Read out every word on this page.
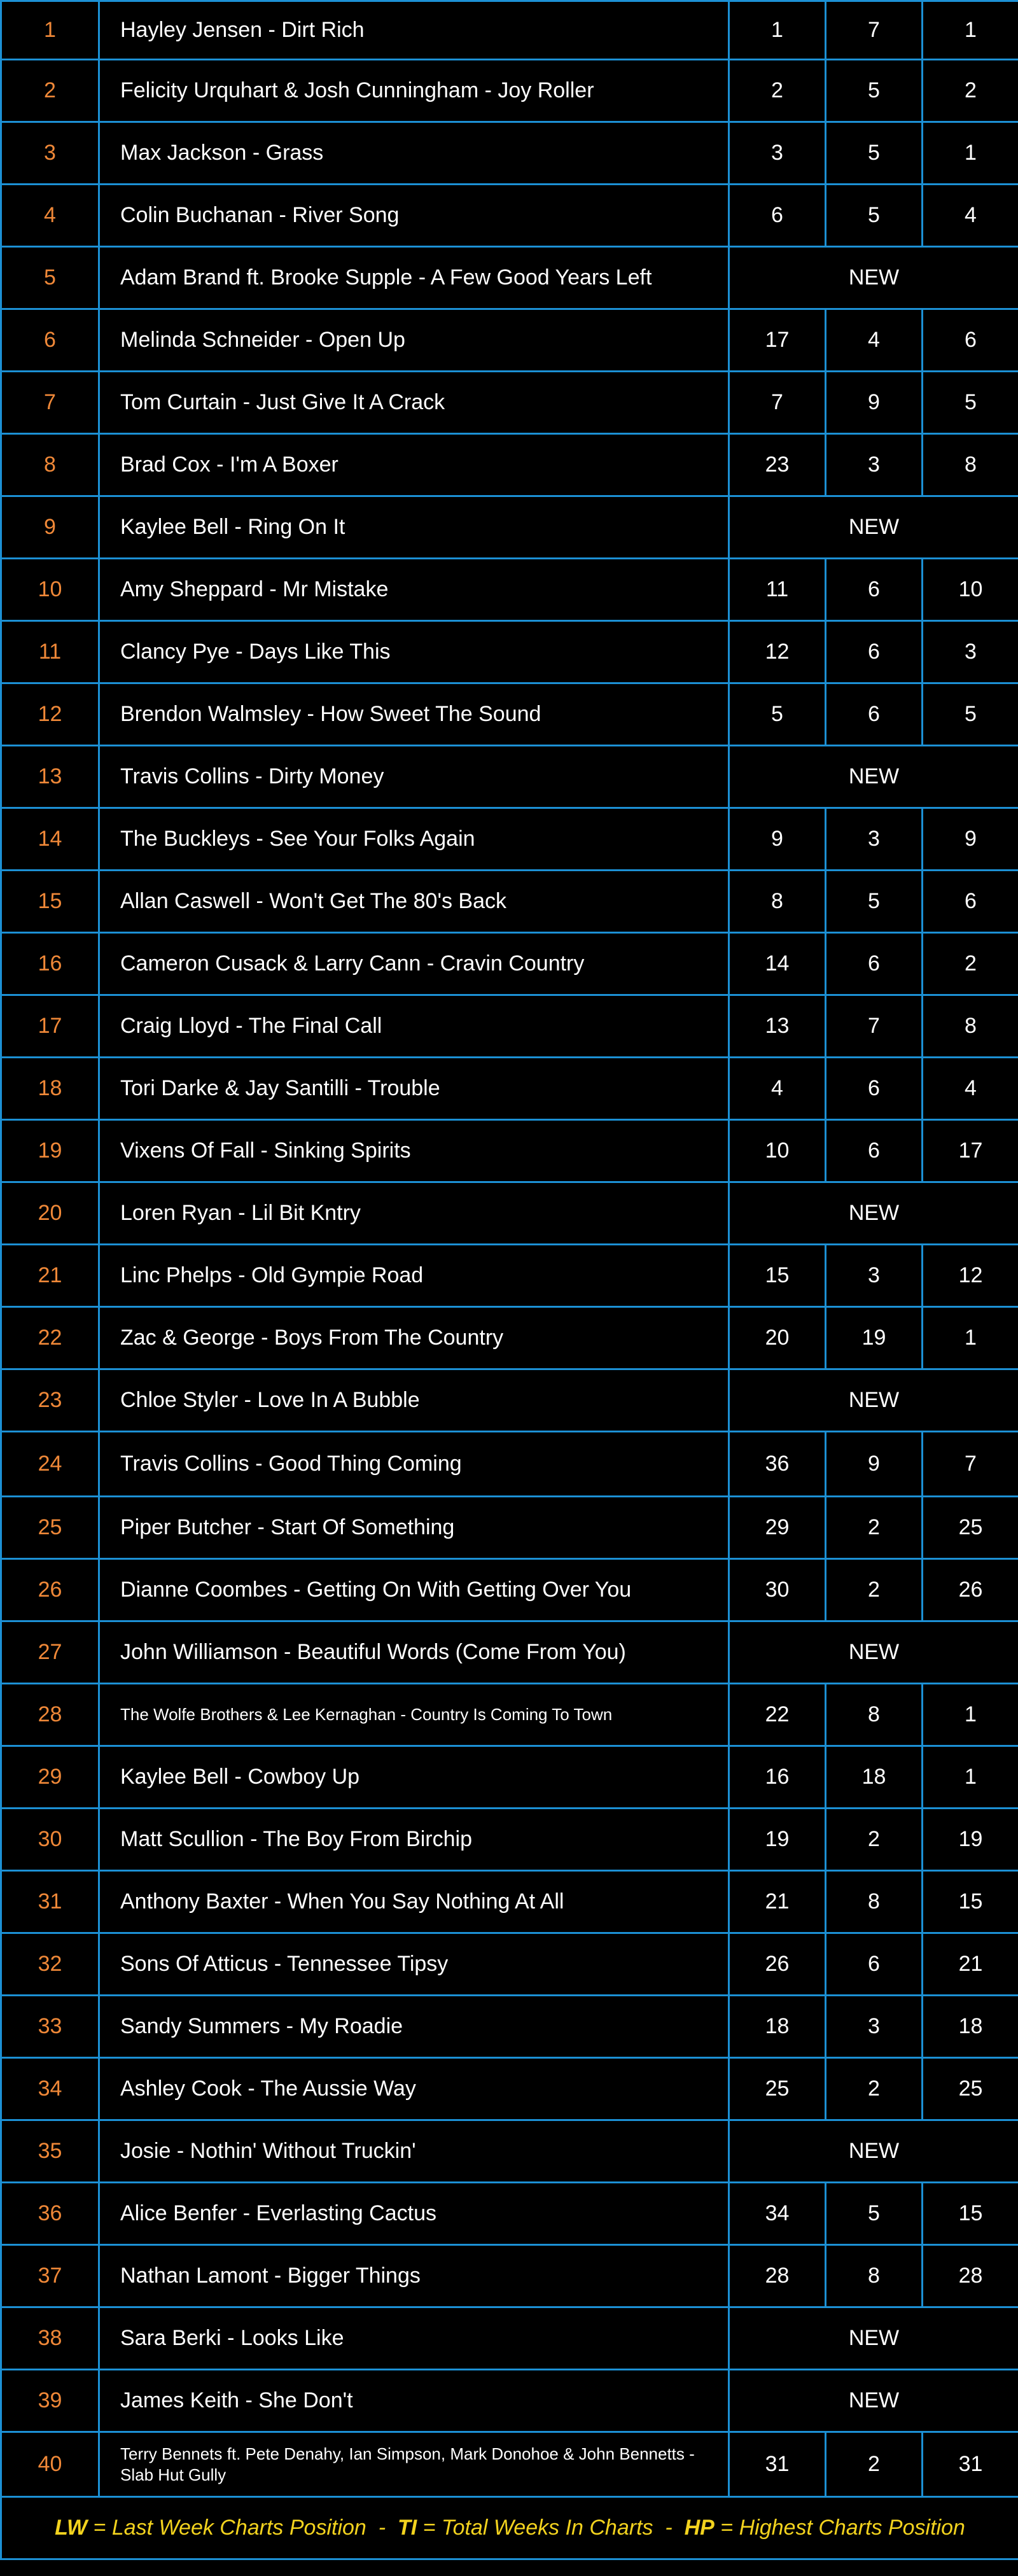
1	Hayley Jensen - Dirt Rich	1	7	1
2	Felicity Urquhart & Josh Cunningham - Joy Roller	2	5	2
3	Max Jackson - Grass	3	5	1
4	Colin Buchanan - River Song	6	5	4
5	Adam Brand ft. Brooke Supple - A Few Good Years Left	NEW		
6	Melinda Schneider - Open Up	17	4	6
7	Tom Curtain - Just Give It A Crack	7	9	5
8	Brad Cox - I'm A Boxer	23	3	8
9	Kaylee Bell - Ring On It	NEW		
10	Amy Sheppard - Mr Mistake	11	6	10
11	Clancy Pye - Days Like This	12	6	3
12	Brendon Walmsley - How Sweet The Sound	5	6	5
13	Travis Collins - Dirty Money	NEW		
14	The Buckleys - See Your Folks Again	9	3	9
15	Allan Caswell - Won't Get The 80's Back	8	5	6
16	Cameron Cusack & Larry Cann - Cravin Country	14	6	2
17	Craig Lloyd - The Final Call	13	7	8
18	Tori Darke & Jay Santilli - Trouble	4	6	4
19	Vixens Of Fall - Sinking Spirits	10	6	17
20	Loren Ryan - Lil Bit Kntry	NEW		
21	Linc Phelps - Old Gympie Road	15	3	12
22	Zac & George - Boys From The Country	20	19	1
23	Chloe Styler - Love In A Bubble	NEW		
24	Travis Collins - Good Thing Coming	36	9	7
25	Piper Butcher - Start Of Something	29	2	25
26	Dianne Coombes - Getting On With Getting Over You	30	2	26
27	John Williamson - Beautiful Words (Come From You)	NEW		
28	The Wolfe Brothers & Lee Kernaghan - Country Is Coming To Town	22	8	1
29	Kaylee Bell - Cowboy Up	16	18	1
30	Matt Scullion - The Boy From Birchip	19	2	19
31	Anthony Baxter - When You Say Nothing At All	21	8	15
32	Sons Of Atticus - Tennessee Tipsy	26	6	21
33	Sandy Summers - My Roadie	18	3	18
34	Ashley Cook - The Aussie Way	25	2	25
35	Josie - Nothin' Without Truckin'	NEW		
36	Alice Benfer - Everlasting Cactus	34	5	15
37	Nathan Lamont - Bigger Things	28	8	28
38	Sara Berki - Looks Like	NEW		
39	James Keith - She Don't	NEW		
40	Terry Bennets ft. Pete Denahy, Ian Simpson, Mark Donohoe & John Bennetts - Slab Hut Gully	31	2	31
LW = Last Week Charts Position  -  TI = Total Weeks In Charts  -  HP = Highest Charts Position				
